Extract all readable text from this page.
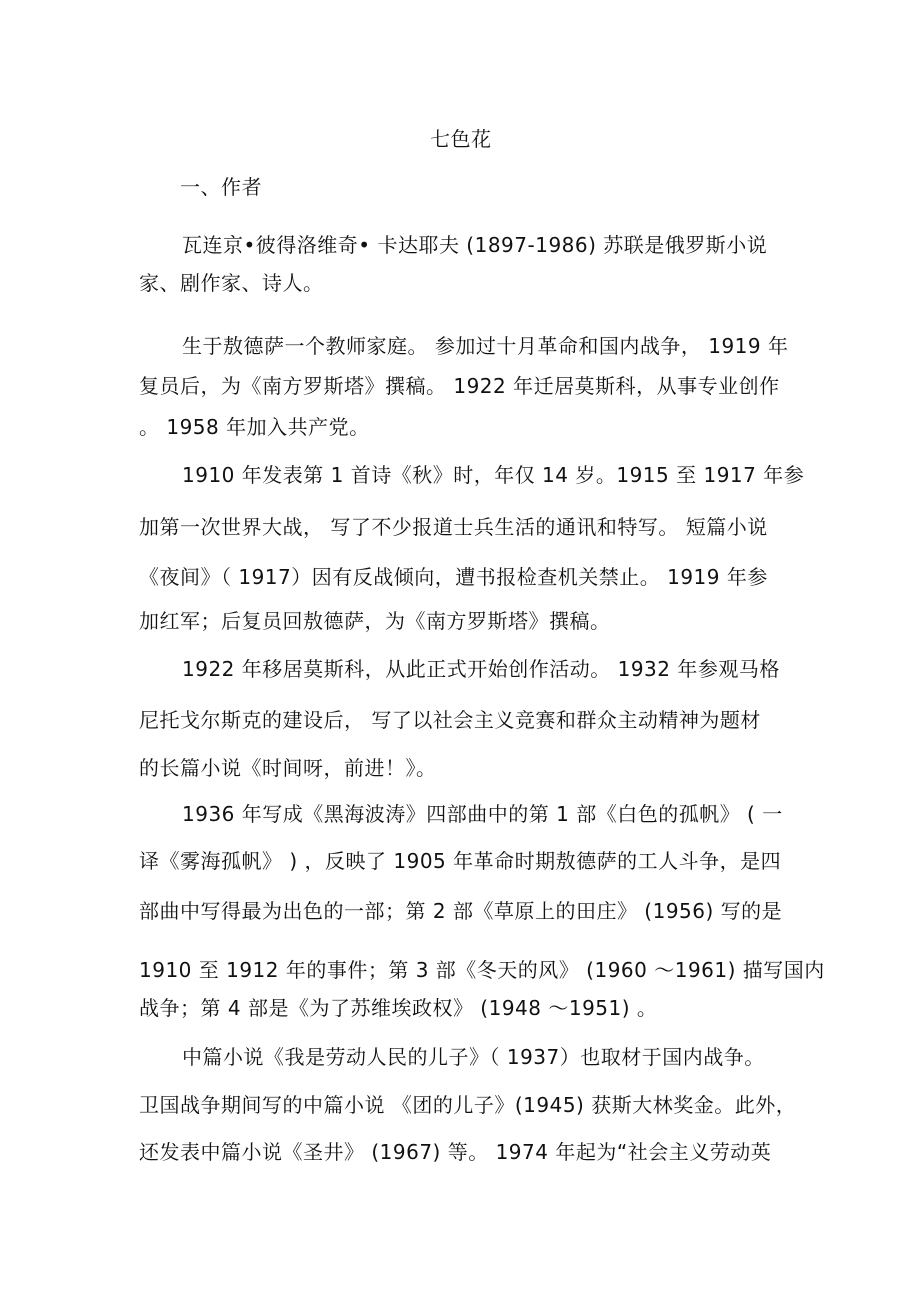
七色花
一、作者
瓦连京•彼得洛维奇• 卡达耶夫 (1897-1986) 苏联是俄罗斯小说
家、剧作家、诗人。
生于敖德萨一个教师家庭。 参加过十月革命和国内战争， 1919 年
复员后，为《南方罗斯塔》撰稿。 1922 年迁居莫斯科，从事专业创作
。 1958 年加入共产党。
1910 年发表第 1 首诗《秋》时，年仅 14 岁。1915 至 1917 年参
加第一次世界大战， 写了不少报道士兵生活的通讯和特写。 短篇小说
《夜间》（ 1917）因有反战倾向，遭书报检查机关禁止。 1919 年参
加红军；后复员回敖德萨，为《南方罗斯塔》撰稿。
1922 年移居莫斯科，从此正式开始创作活动。 1932 年参观马格
尼托戈尔斯克的建设后， 写了以社会主义竞赛和群众主动精神为题材
的长篇小说《时间呀，前进！》。
1936 年写成《黑海波涛》四部曲中的第 1 部《白色的孤帆》 ( 一
译《雾海孤帆》 ) ，反映了 1905 年革命时期敖德萨的工人斗争，是四
部曲中写得最为出色的一部；第 2 部《草原上的田庄》 (1956) 写的是
1910 至 1912 年的事件；第 3 部《冬天的风》 (1960 ～1961) 描写国内
战争；第 4 部是《为了苏维埃政权》 (1948 ～1951) 。
中篇小说《我是劳动人民的儿子》（ 1937）也取材于国内战争。
卫国战争期间写的中篇小说 《团的儿子》(1945) 获斯大林奖金。此外，
还发表中篇小说《圣井》 (1967) 等。 1974 年起为“社会主义劳动英
